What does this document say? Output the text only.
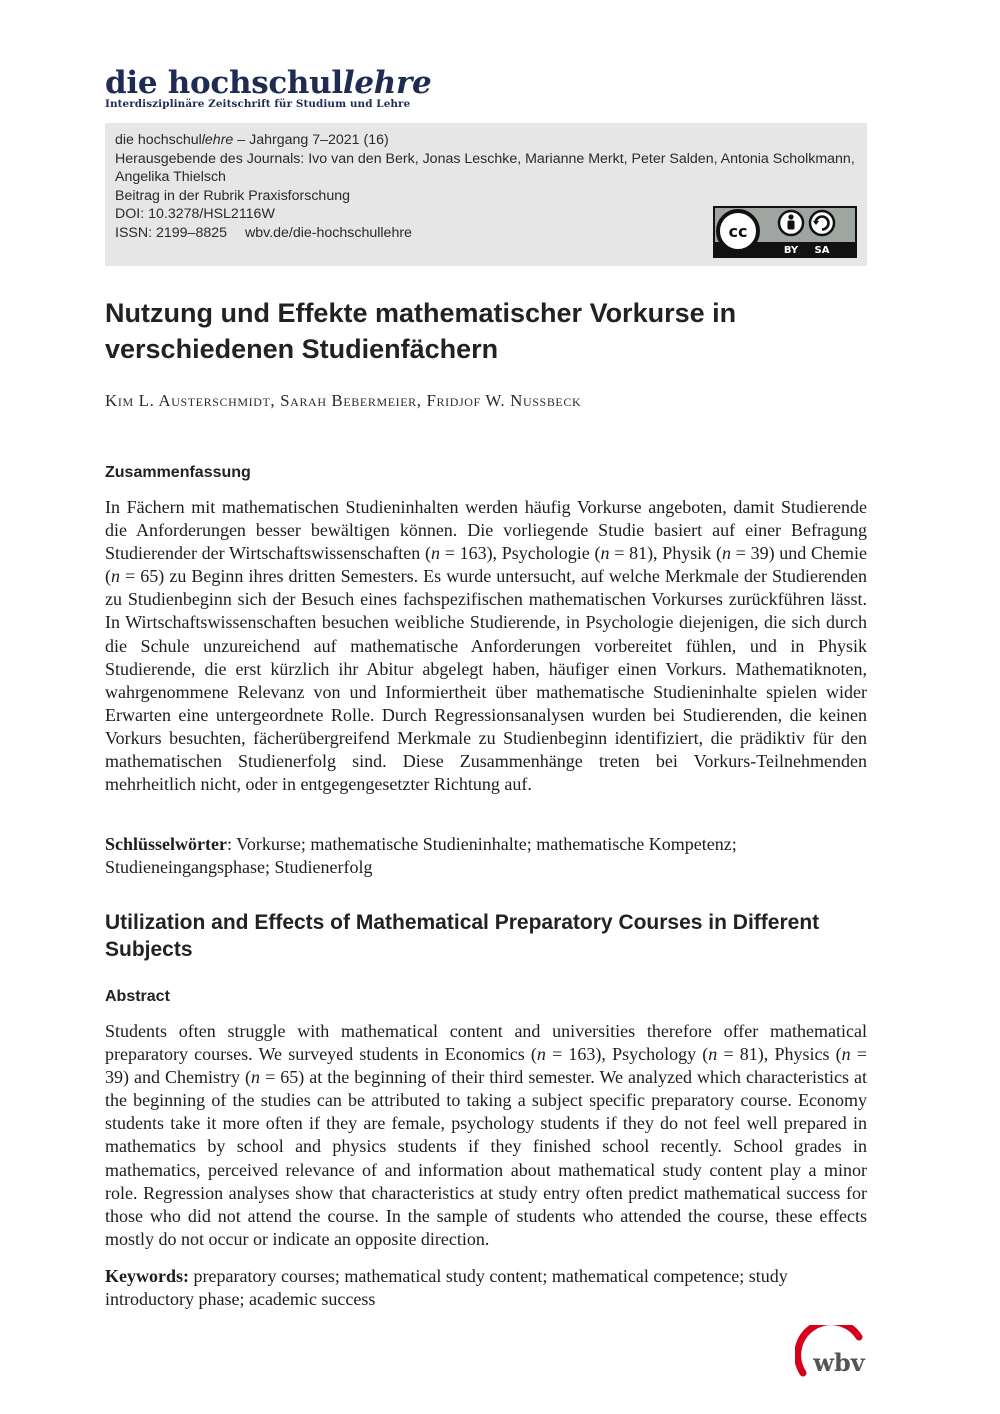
die hochschullehre
Interdisziplinäre Zeitschrift für Studium und Lehre
die hochschullehre – Jahrgang 7–2021 (16)
Herausgebende des Journals: Ivo van den Berk, Jonas Leschke, Marianne Merkt, Peter Salden, Antonia Scholkmann, Angelika Thielsch
Beitrag in der Rubrik Praxisforschung
DOI: 10.3278/HSL2116W
ISSN: 2199–8825 wbv.de/die-hochschullehre	cc
BY SA
Nutzung und Effekte mathematischer Vorkurse in verschiedenen Studienfächern
Kim L. Austerschmidt, Sarah Bebermeier, Fridjof W. Nussbeck
Zusammenfassung
In Fächern mit mathematischen Studieninhalten werden häufig Vorkurse angeboten, damit Studierende die Anforderungen besser bewältigen können. Die vorliegende Studie basiert auf einer Befragung Studierender der Wirtschaftswissenschaften (n = 163), Psychologie (n = 81), Physik (n = 39) und Chemie (n = 65) zu Beginn ihres dritten Semesters. Es wurde untersucht, auf welche Merkmale der Studierenden zu Studienbeginn sich der Besuch eines fachspezifischen mathematischen Vorkurses zurückführen lässt. In Wirtschaftswissenschaften besuchen weibliche Studierende, in Psychologie diejenigen, die sich durch die Schule unzureichend auf mathematische Anforderungen vorbereitet fühlen, und in Physik Studierende, die erst kürzlich ihr Abitur abgelegt haben, häufiger einen Vorkurs. Mathematiknoten, wahrgenommene Relevanz von und Informiertheit über mathematische Studieninhalte spielen wider Erwarten eine untergeordnete Rolle. Durch Regressionsanalysen wurden bei Studierenden, die keinen Vorkurs besuchten, fächerübergreifend Merkmale zu Studienbeginn identifiziert, die prädiktiv für den mathematischen Studienerfolg sind. Diese Zusammenhänge treten bei Vorkurs-Teilnehmenden mehrheitlich nicht, oder in entgegengesetzter Richtung auf.
Schlüsselwörter: Vorkurse; mathematische Studieninhalte; mathematische Kompetenz; Studieneingangsphase; Studienerfolg
Utilization and Effects of Mathematical Preparatory Courses in Different Subjects
Abstract
Students often struggle with mathematical content and universities therefore offer mathematical preparatory courses. We surveyed students in Economics (n = 163), Psychology (n = 81), Physics (n = 39) and Chemistry (n = 65) at the beginning of their third semester. We analyzed which characteristics at the beginning of the studies can be attributed to taking a subject specific preparatory course. Economy students take it more often if they are female, psychology students if they do not feel well prepared in mathematics by school and physics students if they finished school recently. School grades in mathematics, perceived relevance of and information about mathematical study content play a minor role. Regression analyses show that characteristics at study entry often predict mathematical success for those who did not attend the course. In the sample of students who attended the course, these effects mostly do not occur or indicate an opposite direction.
Keywords: preparatory courses; mathematical study content; mathematical competence; study introductory phase; academic success
wbv
